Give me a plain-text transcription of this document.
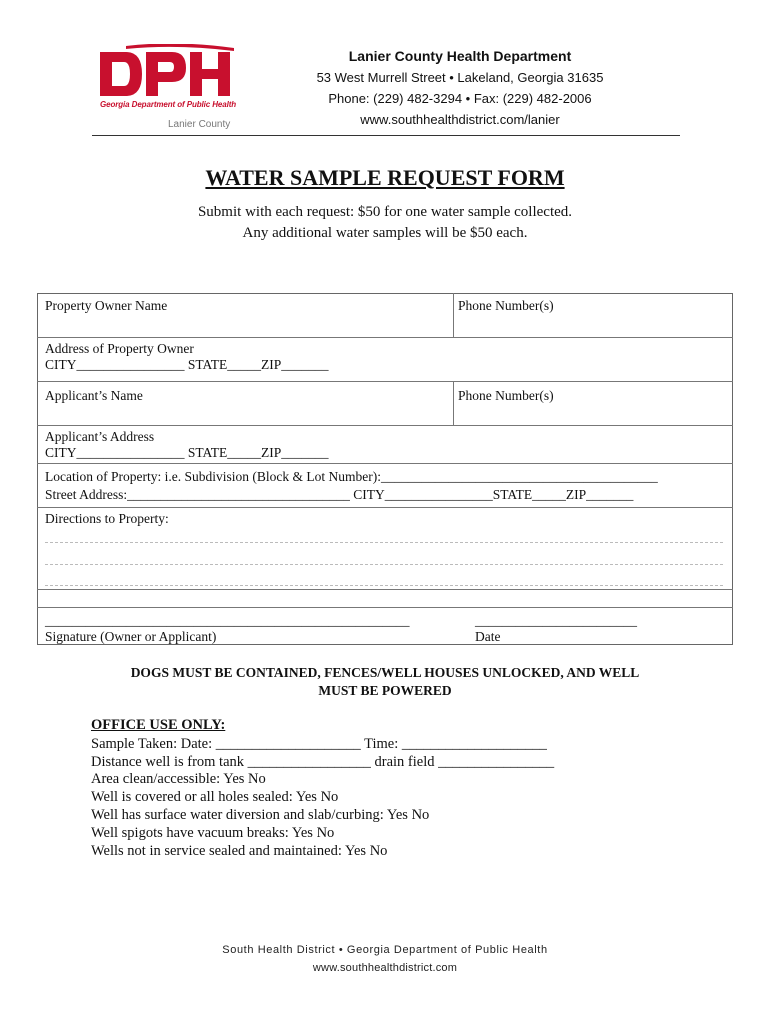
Georgia Department of Public Health
Lanier County
Lanier County Health Department
53 West Murrell Street • Lakeland, Georgia 31635
Phone: (229) 482-3294 • Fax: (229) 482-2006
www.southhealthdistrict.com/lanier
WATER SAMPLE REQUEST FORM
Submit with each request: $50 for one water sample collected.
Any additional water samples will be $50 each.
Property Owner Name	Phone Number(s)
Address of Property Owner
CITY________________ STATE_____ZIP_______
Applicant’s Name	Phone Number(s)
Applicant’s Address
CITY________________ STATE_____ZIP_______
Location of Property: i.e. Subdivision (Block & Lot Number):_________________________________________
Street Address:_________________________________ CITY________________STATE_____ZIP_______
Directions to Property:
______________________________________________________	________________________
Signature (Owner or Applicant)	Date
DOGS MUST BE CONTAINED, FENCES/WELL HOUSES UNLOCKED, AND WELL
MUST BE POWERED
OFFICE USE ONLY:
Sample Taken: Date: ____________________ Time: ____________________
Distance well is from tank _________________ drain field ________________
Area clean/accessible: Yes No
Well is covered or all holes sealed: Yes No
Well has surface water diversion and slab/curbing: Yes No
Well spigots have vacuum breaks: Yes No
Wells not in service sealed and maintained: Yes No
South Health District • Georgia Department of Public Health
www.southhealthdistrict.com
